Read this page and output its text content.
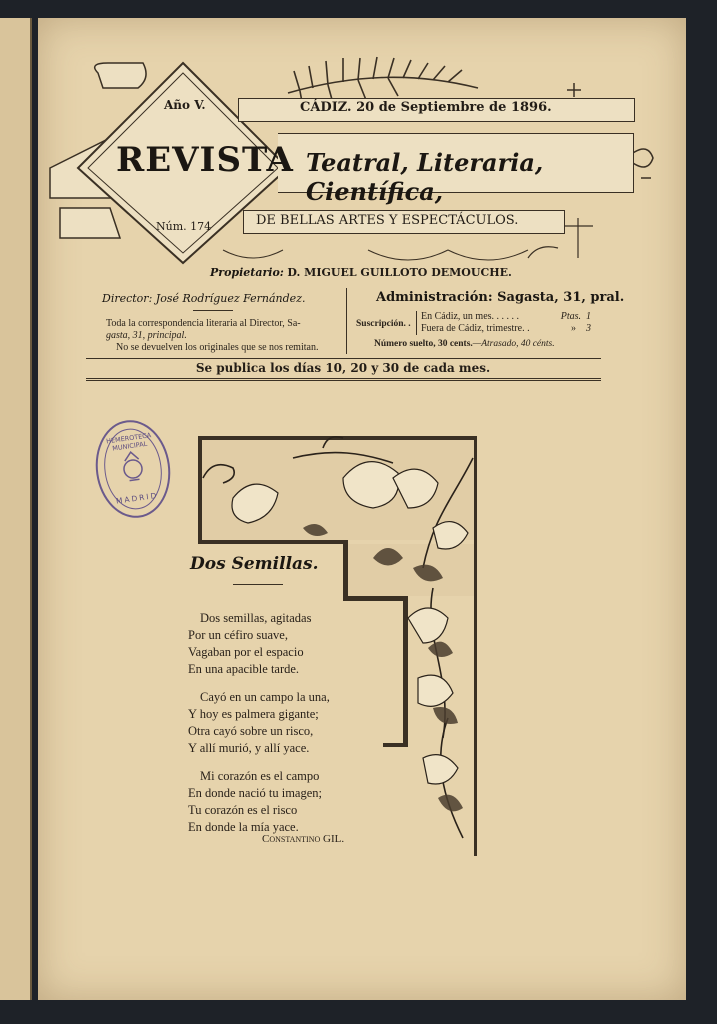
Año V.	CÁDIZ. 20 de Septiembre de 1896.
REVISTA Teatral, Literaria, Científica,
Núm. 174	DE BELLAS ARTES Y ESPECTÁCULOS.
Propietario: D. MIGUEL GUILLOTO DEMOUCHE.
Director: José Rodríguez Fernández.
Toda la correspondencia literaria al Director, Sa-
gasta, 31, principal.
No se devuelven los originales que se nos remitan.
Administración: Sagasta, 31, pral.
Suscripción. .
En Cádiz, un mes. . . . . .	Ptas. 1
Fuera de Cádiz, trimestre. .	» 3
Número suelto, 30 cents.—Atrasado, 40 cénts.
Se publica los días 10, 20 y 30 de cada mes.
HEMEROTECA MUNICIPAL
MADRID
Dos Semillas.

Dos semillas, agitadas

Por un céfiro suave,

Vagaban por el espacio

En una apacible tarde.

Cayó en un campo la una,

Y hoy es palmera gigante;

Otra cayó sobre un risco,

Y allí murió, y allí yace.

Mi corazón es el campo

En donde nació tu imagen;

Tu corazón es el risco

En donde la mía yace.

Constantino GIL.
